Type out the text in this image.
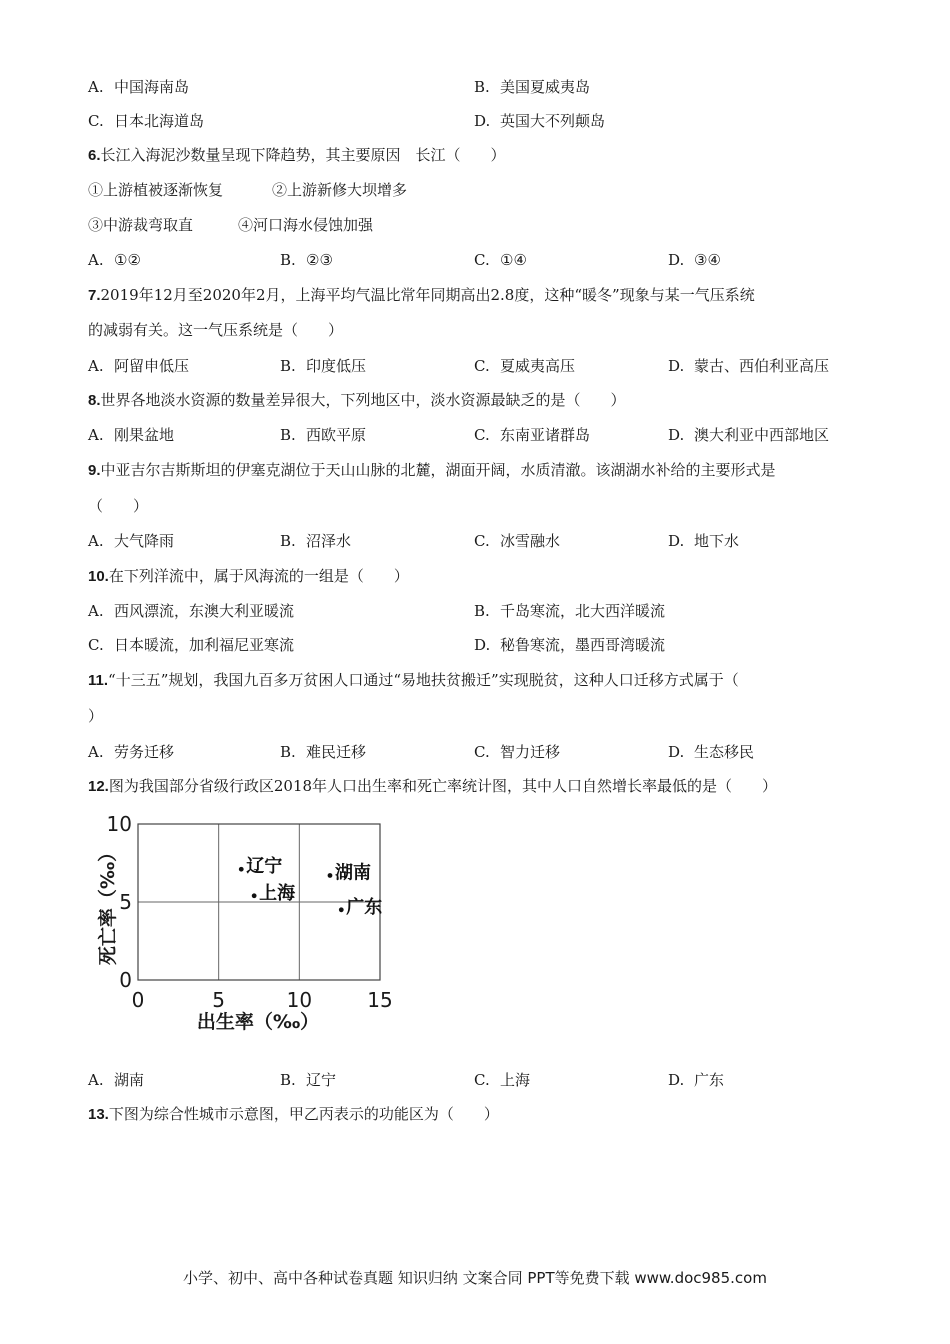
A. 中国海南岛	B. 美国夏威夷岛
C. 日本北海道岛	D. 英国大不列颠岛
6.长江入海泥沙数量呈现下降趋势，其主要原因　长江（　　）
①上游植被逐渐恢复	②上游新修大坝增多
③中游裁弯取直	④河口海水侵蚀加强
A. ①②	B. ②③	C. ①④	D. ③④
7.2019年12月至2020年2月，上海平均气温比常年同期高出2.8度，这种“暖冬”现象与某一气压系统
的减弱有关。这一气压系统是（　　）
A. 阿留申低压	B. 印度低压	C. 夏威夷高压	D. 蒙古、西伯利亚高压
8.世界各地淡水资源的数量差异很大，下列地区中，淡水资源最缺乏的是（　　）
A. 刚果盆地	B. 西欧平原	C. 东南亚诸群岛	D. 澳大利亚中西部地区
9.中亚吉尔吉斯斯坦的伊塞克湖位于天山山脉的北麓，湖面开阔，水质清澈。该湖湖水补给的主要形式是
（　　）
A. 大气降雨	B. 沼泽水	C. 冰雪融水	D. 地下水
10.在下列洋流中，属于风海流的一组是（　　）
A. 西风漂流，东澳大利亚暖流	B. 千岛寒流，北大西洋暖流
C. 日本暖流，加利福尼亚寒流	D. 秘鲁寒流，墨西哥湾暖流
11.“十三五”规划，我国九百多万贫困人口通过“易地扶贫搬迁”实现脱贫，这种人口迁移方式属于（
）
A. 劳务迁移	B. 难民迁移	C. 智力迁移	D. 生态移民
12.图为我国部分省级行政区2018年人口出生率和死亡率统计图，其中人口自然增长率最低的是（　　）
0	5	10	15
0
5
10
辽宁
上海
湖南
广东
出生率（‰）
死亡率（‰）
A. 湖南	B. 辽宁	C. 上海	D. 广东
13.下图为综合性城市示意图，甲乙丙表示的功能区为（　　）
小学、初中、高中各种试卷真题 知识归纳 文案合同 PPT等免费下载 www.doc985.com
